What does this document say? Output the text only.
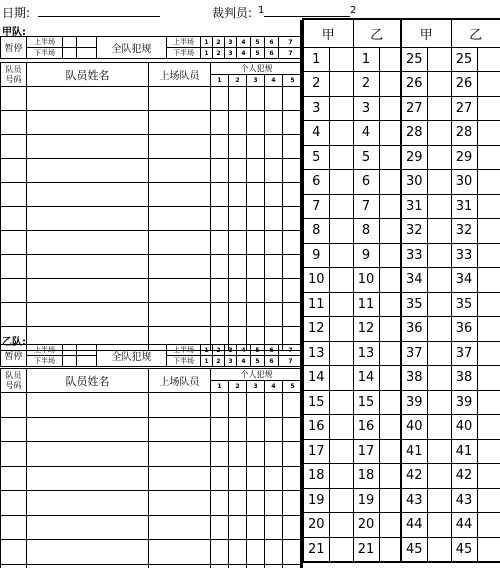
日期:	裁判员: 1	2
甲队:
暂停	上半场			全队犯规	上半场	1	2	3	4	5	6	7
	下半场				下半场	1	2	3	4	5	6	7
队员
号码	队员姓名	上场队员	个人犯规				
			1	2	3	4	5

乙队:
暂停	上半场			全队犯规	上半场	1	2	3	4	5	6	7
	下半场				下半场	1	2	3	4	5	6	7
队员
号码	队员姓名	上场队员	个人犯规				
			1	2	3	4	5

甲		乙		甲		乙	
1		1		25		25	
2		2		26		26	
3		3		27		27	
4		4		28		28	
5		5		29		29	
6		6		30		30	
7		7		31		31	
8		8		32		32	
9		9		33		33	
10		10		34		34	
11		11		35		35	
12		12		36		36	
13		13		37		37	
14		14		38		38	
15		15		39		39	
16		16		40		40	
17		17		41		41	
18		18		42		42	
19		19		43		43	
20		20		44		44	
21		21		45		45	
